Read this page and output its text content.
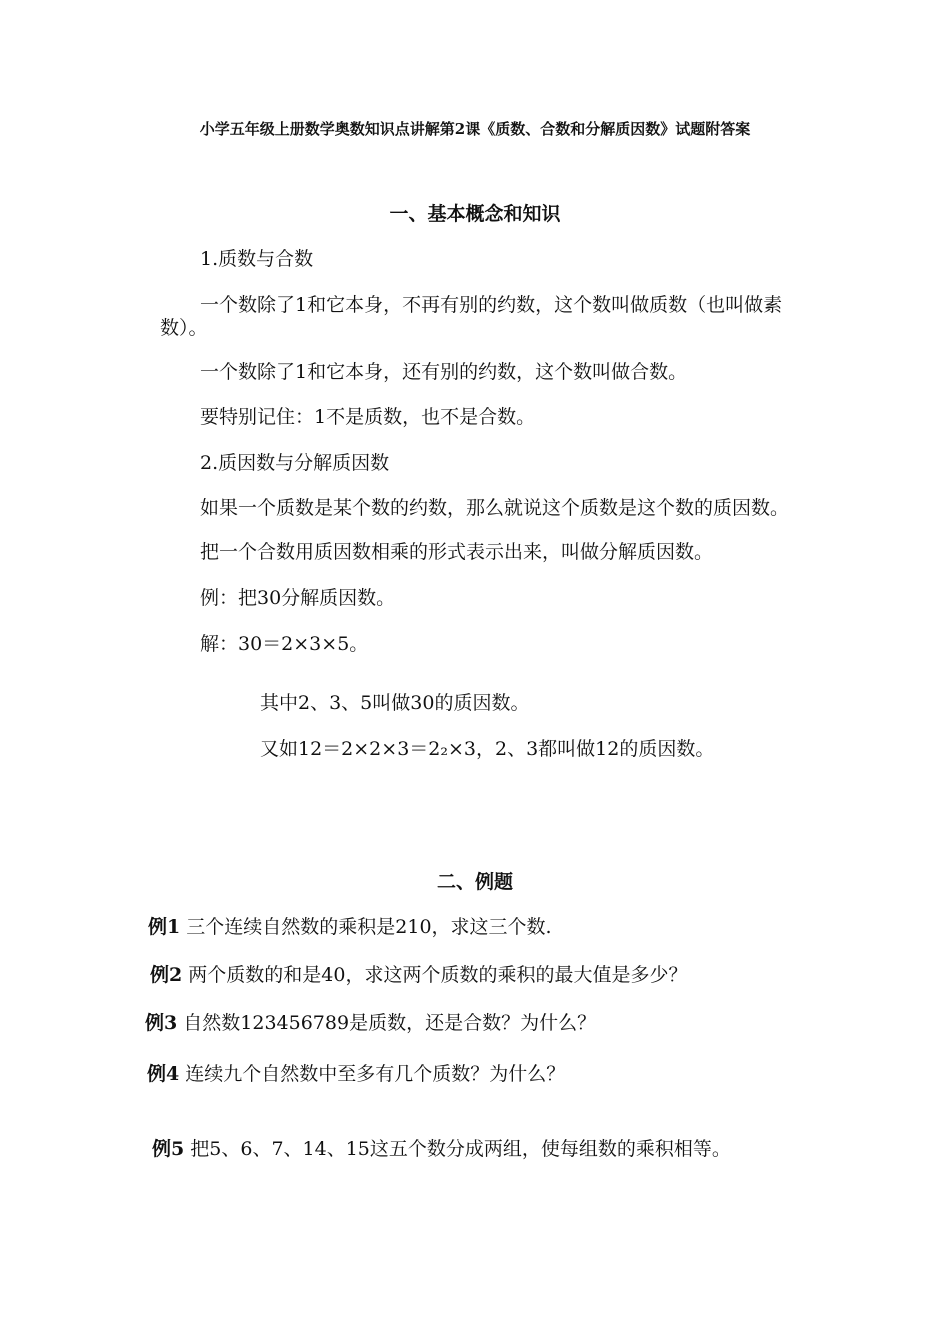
小学五年级上册数学奥数知识点讲解第2课《质数、合数和分解质因数》试题附答案
一、基本概念和知识
1.质数与合数
一个数除了1和它本身，不再有别的约数，这个数叫做质数（也叫做素
数）。
一个数除了1和它本身，还有别的约数，这个数叫做合数。
要特别记住：1不是质数，也不是合数。
2.质因数与分解质因数
如果一个质数是某个数的约数，那么就说这个质数是这个数的质因数。
把一个合数用质因数相乘的形式表示出来，叫做分解质因数。
例：把30分解质因数。
解：30＝2×3×5。
其中2、3、5叫做30的质因数。
又如12＝2×2×3＝2₂×3，2、3都叫做12的质因数。
二、例题
例1 三个连续自然数的乘积是210，求这三个数.
例2 两个质数的和是40，求这两个质数的乘积的最大值是多少？
例3 自然数123456789是质数，还是合数？为什么？
例4 连续九个自然数中至多有几个质数？为什么？
例5 把5、6、7、14、15这五个数分成两组，使每组数的乘积相等。
